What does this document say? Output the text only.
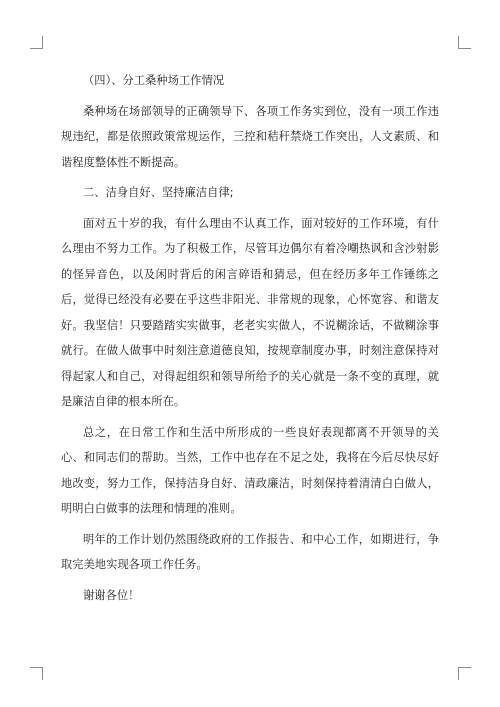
（四）、分工桑种场工作情况

桑种场在场部领导的正确领导下、各项工作务实到位，没有一项工作违规违纪，都是依照政策常规运作，三控和秸秆禁烧工作突出，人文素质、和谐程度整体性不断提高。

二、洁身自好、坚持廉洁自律;

面对五十岁的我，有什么理由不认真工作，面对较好的工作环境，有什么理由不努力工作。为了积极工作，尽管耳边偶尔有着冷嘲热讽和含沙射影的怪异音色，以及闲时背后的闲言碎语和猜忌，但在经历多年工作锤练之后，觉得已经没有必要在乎这些非阳光、非常规的现象，心怀宽容、和谐友好。我坚信！只要踏踏实实做事，老老实实做人，不说糊涂话，不做糊涂事就行。在做人做事中时刻注意道德良知，按规章制度办事，时刻注意保持对得起家人和自己，对得起组织和领导所给予的关心就是一条不变的真理，就是廉洁自律的根本所在。

总之，在日常工作和生活中所形成的一些良好表现都离不开领导的关心、和同志们的帮助。当然，工作中也存在不足之处，我将在今后尽快尽好地改变，努力工作，保持洁身自好、清政廉洁，时刻保持着清清白白做人，明明白白做事的法理和情理的准则。

明年的工作计划仍然围绕政府的工作报告、和中心工作，如期进行，争取完美地实现各项工作任务。

谢谢各位！
